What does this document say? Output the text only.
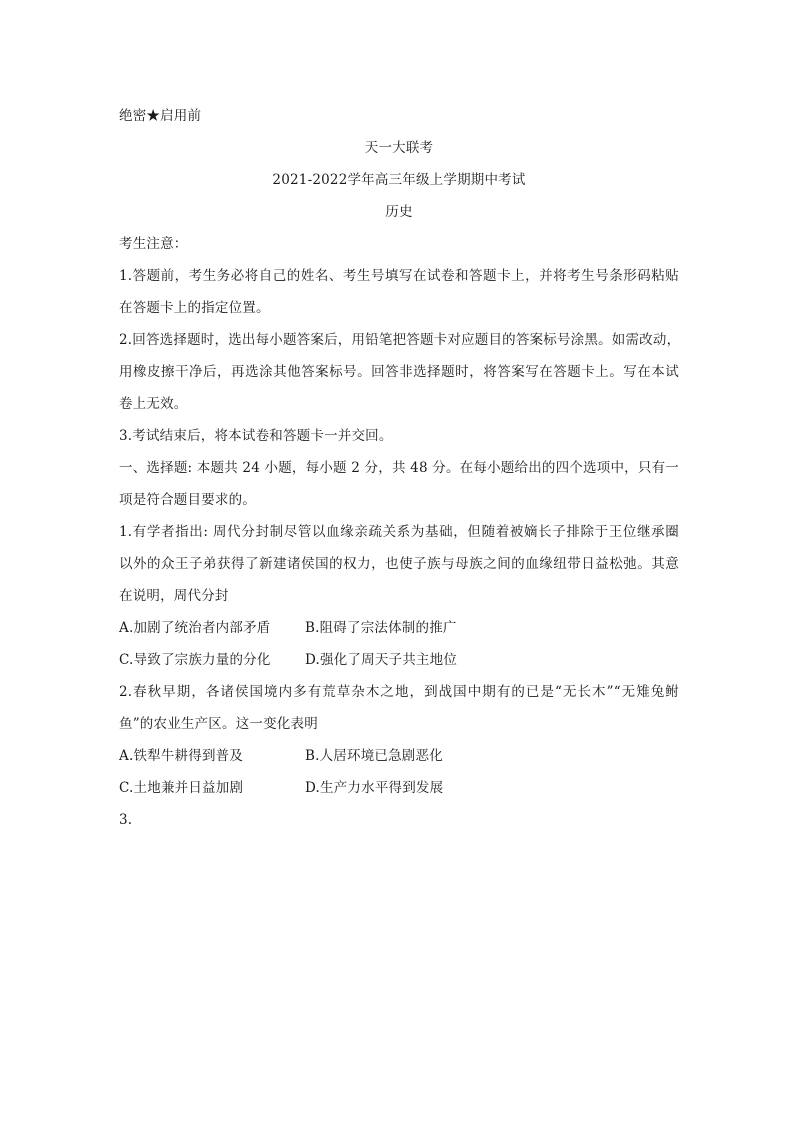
绝密★启用前
天一大联考
2021-2022学年高三年级上学期期中考试
历史
考生注意：
1.答题前，考生务必将自己的姓名、考生号填写在试卷和答题卡上，并将考生号条形码粘贴
在答题卡上的指定位置。
2.回答选择题时，选出每小题答案后，用铅笔把答题卡对应题目的答案标号涂黑。如需改动，
用橡皮擦干净后，再选涂其他答案标号。回答非选择题时，将答案写在答题卡上。写在本试
卷上无效。
3.考试结束后，将本试卷和答题卡一并交回。
一、选择题: 本题共 24 小题，每小题 2 分，共 48 分。在每小题给出的四个选项中，只有一
项是符合题目要求的。
1.有学者指出: 周代分封制尽管以血缘亲疏关系为基础，但随着被嫡长子排除于王位继承圈
以外的众王子弟获得了新建诸侯国的权力，也使子族与母族之间的血缘纽带日益松弛。其意
在说明，周代分封
A.加剧了统治者内部矛盾	B.阻碍了宗法体制的推广
C.导致了宗族力量的分化	D.强化了周天子共主地位
2.春秋早期，各诸侯国境内多有荒草杂木之地，到战国中期有的已是“无长木”“无雉兔鲋
鱼”的农业生产区。这一变化表明
A.铁犁牛耕得到普及	B.人居环境已急剧恶化
C.土地兼并日益加剧	D.生产力水平得到发展
3.
